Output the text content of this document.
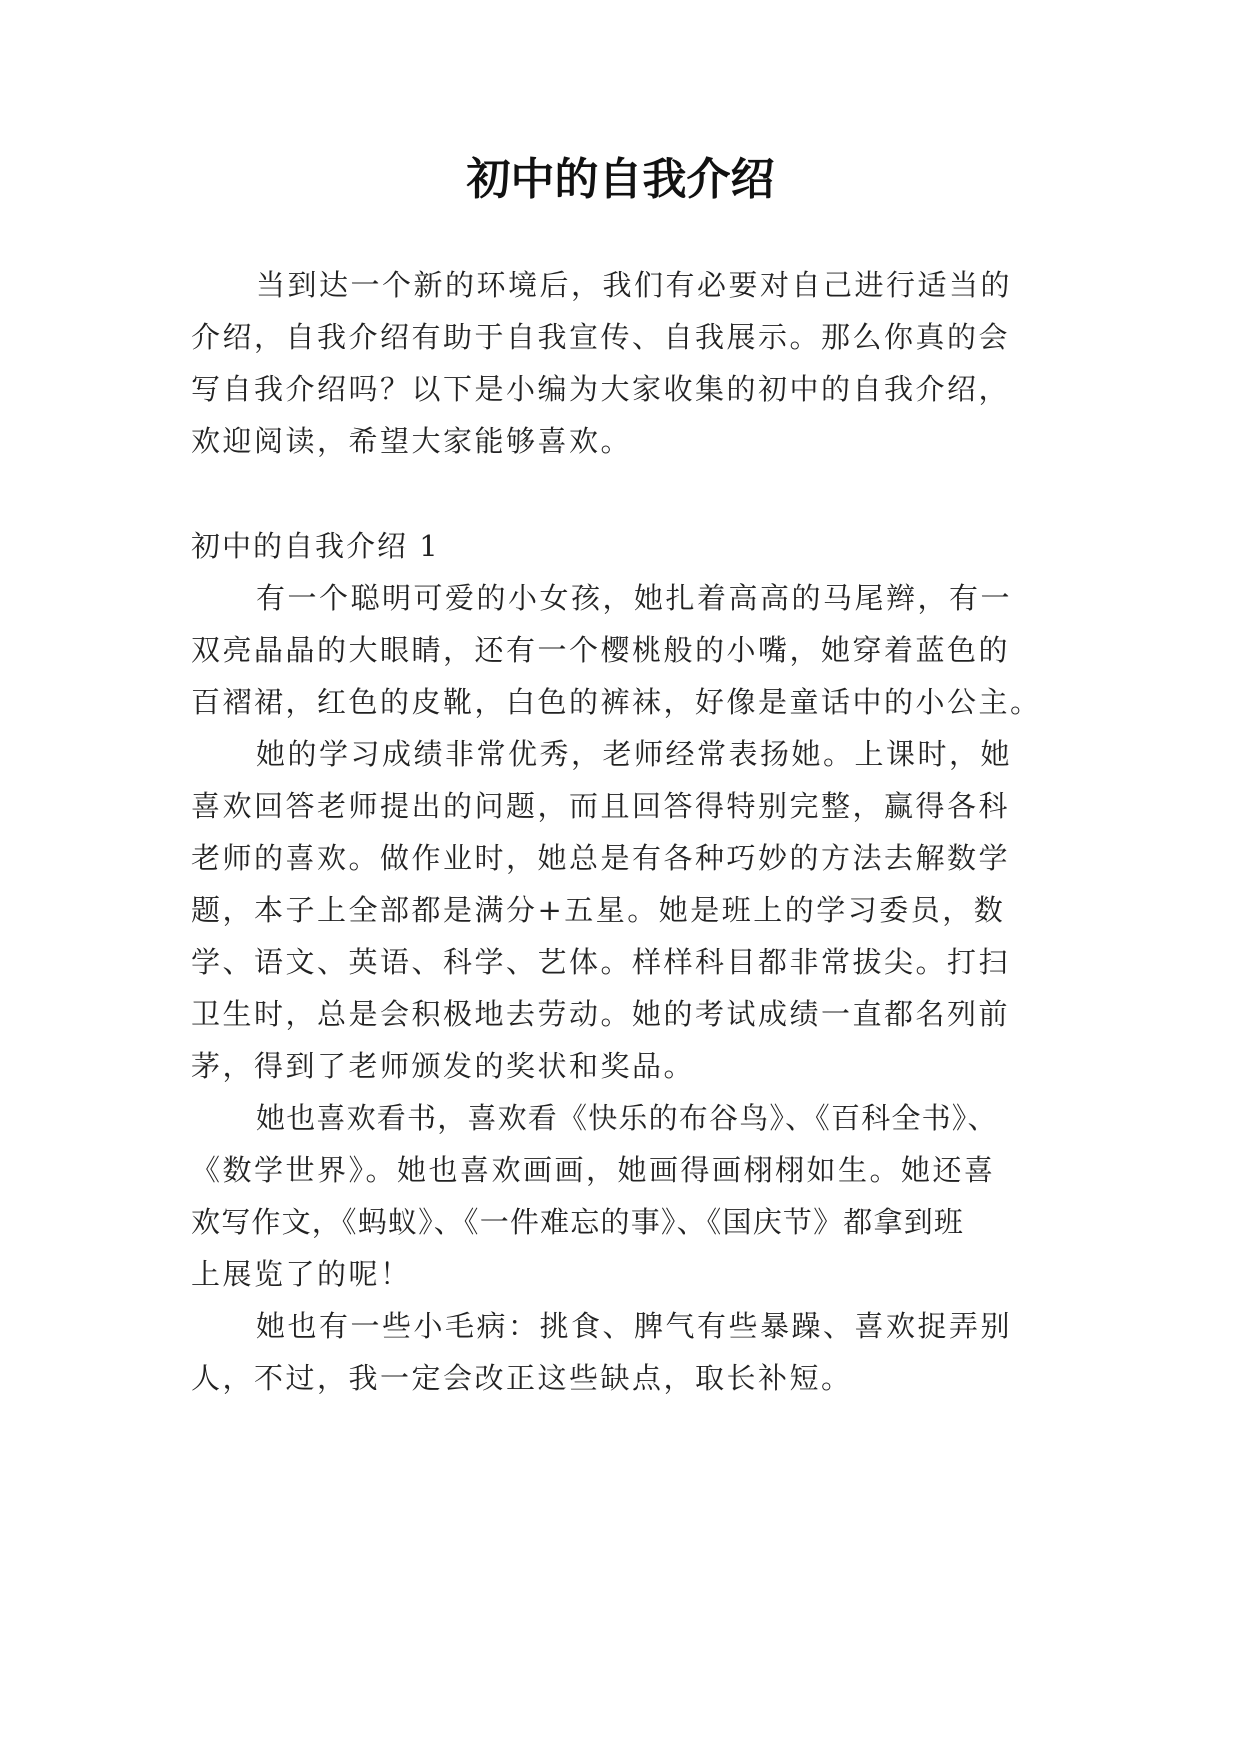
初中的自我介绍

当到达一个新的环境后，我们有必要对自己进行适当的

介绍，自我介绍有助于自我宣传、自我展示。那么你真的会

写自我介绍吗？以下是小编为大家收集的初中的自我介绍，

欢迎阅读，希望大家能够喜欢。

初中的自我介绍 1

有一个聪明可爱的小女孩，她扎着高高的马尾辫，有一

双亮晶晶的大眼睛，还有一个樱桃般的小嘴，她穿着蓝色的

百褶裙，红色的皮靴，白色的裤袜，好像是童话中的小公主。

她的学习成绩非常优秀，老师经常表扬她。上课时，她

喜欢回答老师提出的问题，而且回答得特别完整，赢得各科

老师的喜欢。做作业时，她总是有各种巧妙的方法去解数学

题，本子上全部都是满分+五星。她是班上的学习委员，数

学、语文、英语、科学、艺体。样样科目都非常拔尖。打扫

卫生时，总是会积极地去劳动。她的考试成绩一直都名列前

茅，得到了老师颁发的奖状和奖品。

她也喜欢看书，喜欢看《快乐的布谷鸟》、《百科全书》、

《数学世界》。她也喜欢画画，她画得画栩栩如生。她还喜

欢写作文，《蚂蚁》、《一件难忘的事》、《国庆节》都拿到班

上展览了的呢！

她也有一些小毛病：挑食、脾气有些暴躁、喜欢捉弄别

人，不过，我一定会改正这些缺点，取长补短。
